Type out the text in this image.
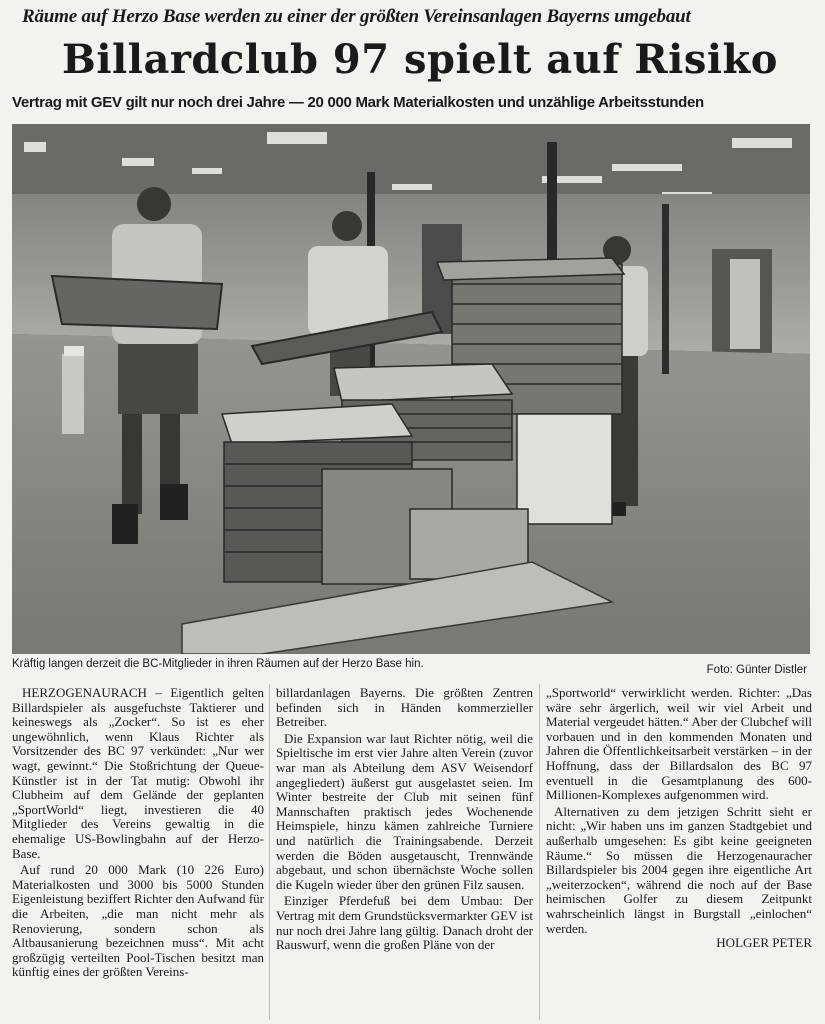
Räume auf Herzo Base werden zu einer der größten Vereinsanlagen Bayerns umgebaut
Billardclub 97 spielt auf Risiko
Vertrag mit GEV gilt nur noch drei Jahre — 20 000 Mark Materialkosten und unzählige Arbeitsstunden
Kräftig langen derzeit die BC-Mitglieder in ihren Räumen auf der Herzo Base hin.	Foto: Günter Distler

HERZOGENAURACH – Eigentlich gelten Billardspieler als ausgefuchste Taktierer und keineswegs als „Zocker“. So ist es eher ungewöhnlich, wenn Klaus Richter als Vorsitzender des BC 97 verkündet: „Nur wer wagt, gewinnt.“ Die Stoßrichtung der Queue-Künstler ist in der Tat mutig: Obwohl ihr Clubheim auf dem Gelände der geplanten „SportWorld“ liegt, investieren die 40 Mitglieder des Vereins gewaltig in die ehemalige US-Bowlingbahn auf der Herzo-Base.

Auf rund 20 000 Mark (10 226 Euro) Materialkosten und 3000 bis 5000 Stunden Eigenleistung beziffert Richter den Aufwand für die Arbeiten, „die man nicht mehr als Renovierung, sondern schon als Altbausanierung bezeichnen muss“. Mit acht großzügig verteilten Pool-Tischen besitzt man künftig eines der größten Vereins-

billardanlagen Bayerns. Die größten Zentren befinden sich in Händen kommerzieller Betreiber.

Die Expansion war laut Richter nötig, weil die Spieltische im erst vier Jahre alten Verein (zuvor war man als Abteilung dem ASV Weisendorf angegliedert) äußerst gut ausgelastet seien. Im Winter bestreite der Club mit seinen fünf Mannschaften praktisch jedes Wochenende Heimspiele, hinzu kämen zahlreiche Turniere und natürlich die Trainingsabende. Derzeit werden die Böden ausgetauscht, Trennwände abgebaut, und schon übernächste Woche sollen die Kugeln wieder über den grünen Filz sausen.

Einziger Pferdefuß bei dem Umbau: Der Vertrag mit dem Grundstücksvermarkter GEV ist nur noch drei Jahre lang gültig. Danach droht der Rauswurf, wenn die großen Pläne von der

„Sportworld“ verwirklicht werden. Richter: „Das wäre sehr ärgerlich, weil wir viel Arbeit und Material vergeudet hätten.“ Aber der Clubchef will vorbauen und in den kommenden Monaten und Jahren die Öffentlichkeitsarbeit verstärken – in der Hoffnung, dass der Billardsalon des BC 97 eventuell in die Gesamtplanung des 600-Millionen-Komplexes aufgenommen wird.

Alternativen zu dem jetzigen Schritt sieht er nicht: „Wir haben uns im ganzen Stadtgebiet und außerhalb umgesehen: Es gibt keine geeigneten Räume.“ So müssen die Herzogenauracher Billardspieler bis 2004 gegen ihre eigentliche Art „weiterzocken“, während die noch auf der Base heimischen Golfer zu diesem Zeitpunkt wahrscheinlich längst in Burgstall „einlochen“ werden.

HOLGER PETER
